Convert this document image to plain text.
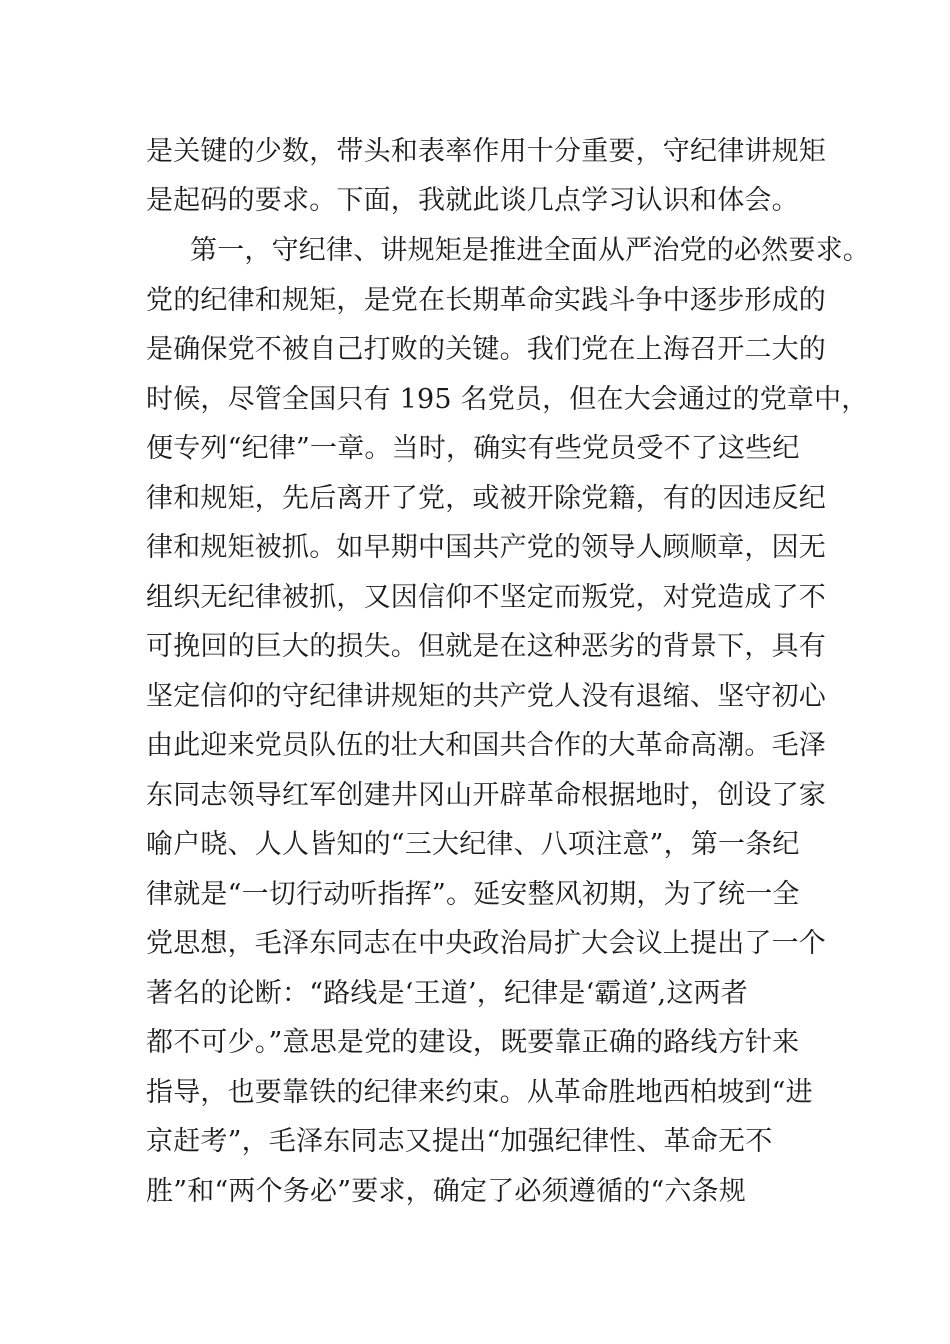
是关键的少数，带头和表率作用十分重要，守纪律讲规矩
是起码的要求。下面，我就此谈几点学习认识和体会。
第一，守纪律、讲规矩是推进全面从严治党的必然要求。
党的纪律和规矩，是党在长期革命实践斗争中逐步形成的
是确保党不被自己打败的关键。我们党在上海召开二大的
时候，尽管全国只有 195 名党员，但在大会通过的党章中，
便专列“纪律”一章。当时，确实有些党员受不了这些纪
律和规矩，先后离开了党，或被开除党籍，有的因违反纪
律和规矩被抓。如早期中国共产党的领导人顾顺章，因无
组织无纪律被抓，又因信仰不坚定而叛党，对党造成了不
可挽回的巨大的损失。但就是在这种恶劣的背景下，具有
坚定信仰的守纪律讲规矩的共产党人没有退缩、坚守初心
由此迎来党员队伍的壮大和国共合作的大革命高潮。毛泽
东同志领导红军创建井冈山开辟革命根据地时，创设了家
喻户晓、人人皆知的“三大纪律、八项注意”，第一条纪
律就是“一切行动听指挥”。延安整风初期，为了统一全
党思想，毛泽东同志在中央政治局扩大会议上提出了一个
著名的论断：“路线是‘王道’，纪律是‘霸道’,这两者
都不可少。”意思是党的建设，既要靠正确的路线方针来
指导，也要靠铁的纪律来约束。从革命胜地西柏坡到“进
京赶考”，毛泽东同志又提出“加强纪律性、革命无不
胜”和“两个务必”要求，确定了必须遵循的“六条规
